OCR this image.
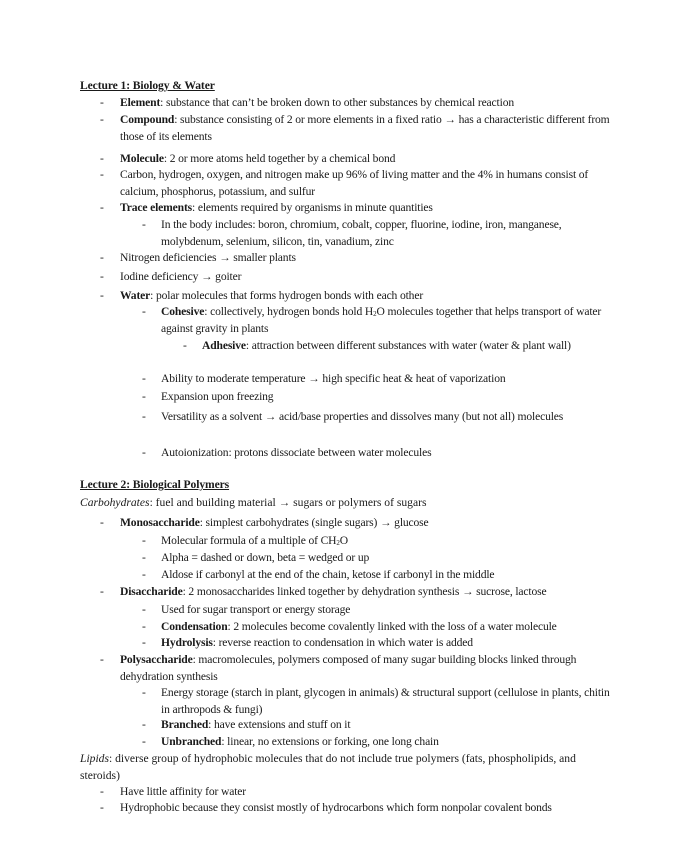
Lecture 1: Biology & Water
- Element: substance that can’t be broken down to other substances by chemical reaction
- Compound: substance consisting of 2 or more elements in a fixed ratio → has a characteristic different from those of its elements
- Molecule: 2 or more atoms held together by a chemical bond
- Carbon, hydrogen, oxygen, and nitrogen make up 96% of living matter and the 4% in humans consist of calcium, phosphorus, potassium, and sulfur
- Trace elements: elements required by organisms in minute quantities
- In the body includes: boron, chromium, cobalt, copper, fluorine, iodine, iron, manganese, molybdenum, selenium, silicon, tin, vanadium, zinc
- Nitrogen deficiencies → smaller plants
- Iodine deficiency → goiter
- Water: polar molecules that forms hydrogen bonds with each other
- Cohesive: collectively, hydrogen bonds hold $H_2O$ molecules together that helps transport of water against gravity in plants
- Adhesive: attraction between different substances with water (water & plant wall)
- Ability to moderate temperature → high specific heat & heat of vaporization
- Expansion upon freezing
- Versatility as a solvent → acid/base properties and dissolves many (but not all) molecules
- Autoionization: protons dissociate between water molecules
Lecture 2: Biological Polymers
Carbohydrates: fuel and building material → sugars or polymers of sugars
- Monosaccharide: simplest carbohydrates (single sugars) → glucose
- Molecular formula of a multiple of $CH_2O$
- Alpha = dashed or down, beta = wedged or up
- Aldose if carbonyl at the end of the chain, ketose if carbonyl in the middle
- Disaccharide: 2 monosaccharides linked together by dehydration synthesis → sucrose, lactose
- Used for sugar transport or energy storage
- Condensation: 2 molecules become covalently linked with the loss of a water molecule
- Hydrolysis: reverse reaction to condensation in which water is added
- Polysaccharide: macromolecules, polymers composed of many sugar building blocks linked through dehydration synthesis
- Energy storage (starch in plant, glycogen in animals) & structural support (cellulose in plants, chitin in arthropods & fungi)
- Branched: have extensions and stuff on it
- Unbranched: linear, no extensions or forking, one long chain
Lipids: diverse group of hydrophobic molecules that do not include true polymers (fats, phospholipids, and steroids)
- Have little affinity for water
- Hydrophobic because they consist mostly of hydrocarbons which form nonpolar covalent bonds
